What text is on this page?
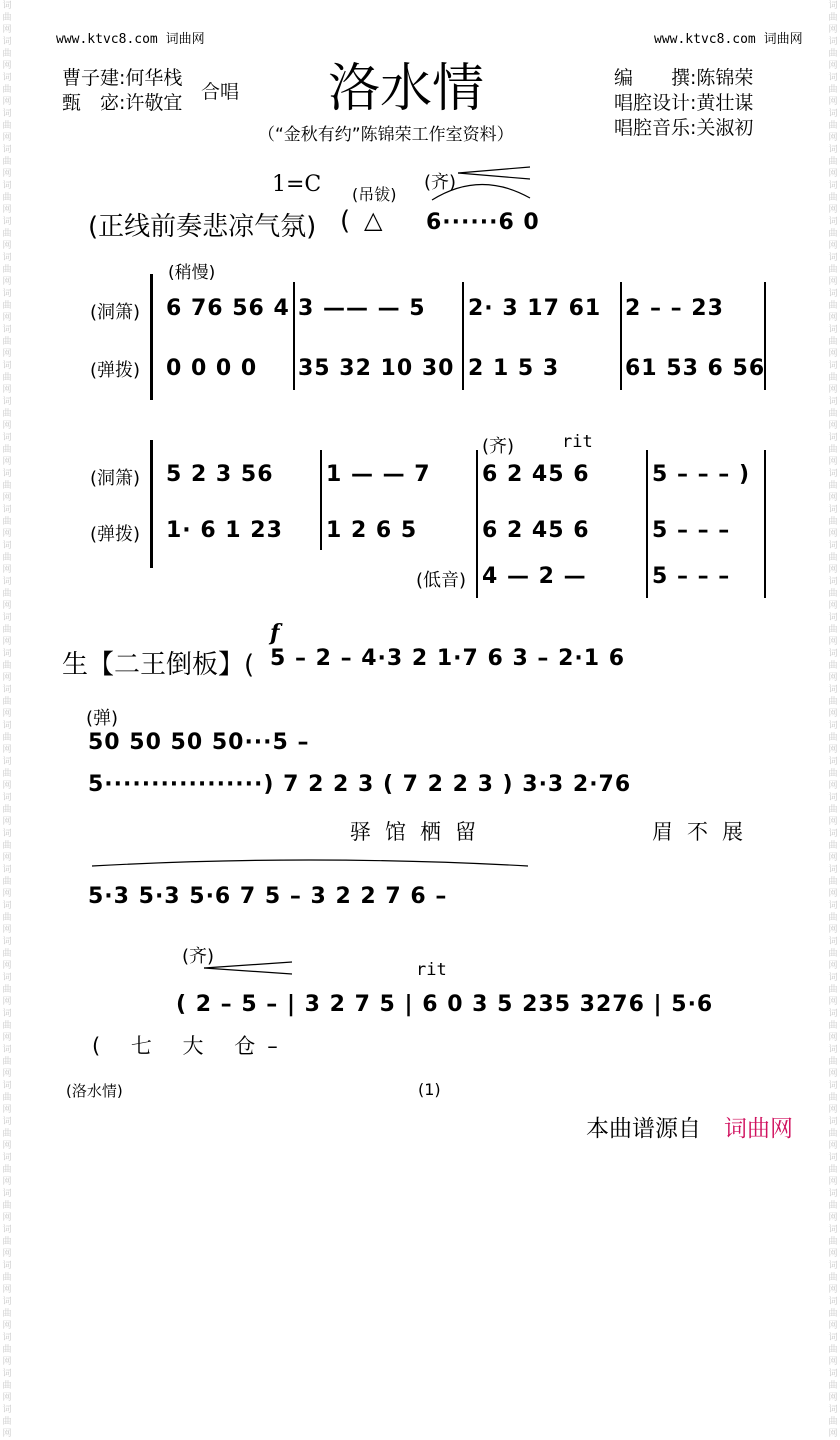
词曲网 词曲网 词曲网 词曲网 词曲网 词曲网 词曲网 词曲网 词曲网 词曲网 词曲网 词曲网 词曲网 词曲网 词曲网 词曲网 词曲网 词曲网 词曲网 词曲网 词曲网 词曲网 词曲网 词曲网 词曲网 词曲网 词曲网 词曲网 词曲网 词曲网 词曲网 词曲网 词曲网 词曲网 词曲网 词曲网 词曲网 词曲网 词曲网 词曲网
词曲网 词曲网 词曲网 词曲网 词曲网 词曲网 词曲网 词曲网 词曲网 词曲网 词曲网 词曲网 词曲网 词曲网 词曲网 词曲网 词曲网 词曲网 词曲网 词曲网 词曲网 词曲网 词曲网 词曲网 词曲网 词曲网 词曲网 词曲网 词曲网 词曲网 词曲网 词曲网 词曲网 词曲网 词曲网 词曲网 词曲网 词曲网 词曲网 词曲网
www.ktvc8.com 词曲网	www.ktvc8.com 词曲网
洛水情
（“金秋有约”陈锦荣工作室资料）
曹子建:何华栈
甄　宓:许敬宜 合唱
编　　撰:陈锦荣
唱腔设计:黄壮谋
唱腔音乐:关淑初
1=C (吊钹)
(齐)
(正线前奏悲凉气氛) ( △ 6······6 0
(稍慢)
(洞箫)
(弹拨)
6 76 56 4 3 —— — 5 2· 3 17 61 2 – – 23
0 0 0 0 35 32 10 30 2 1 5 3	61 53 6 56
(洞箫)
(弹拨)
(低音)
(齐)	rit
5 2 3 56 1 — — 7 6 2 45 6	5 – – – )
1· 6 1 23 1 2 6 5	6 2 45 6	5 – – –
4 — 2 —	5 – – –
f
生【二王倒板】( 5 – 2 – 4·3 2 1·7 6 3 – 2·1 6
(弹)
50 50 50 50···5 –
5·················) 7 2 2 3 ( 7 2 2 3 ) 3·3 2·76
驿馆栖留	眉不展
5·3 5·3 5·6 7 5 – 3 2 2 7 6 –
(齐)
rit
( 2 – 5 – | 3 2 7 5 | 6 0 3 5 235 3276 | 5·6
( 七 大 仓–
(洛水情)	(1)
本曲谱源自 词曲网
